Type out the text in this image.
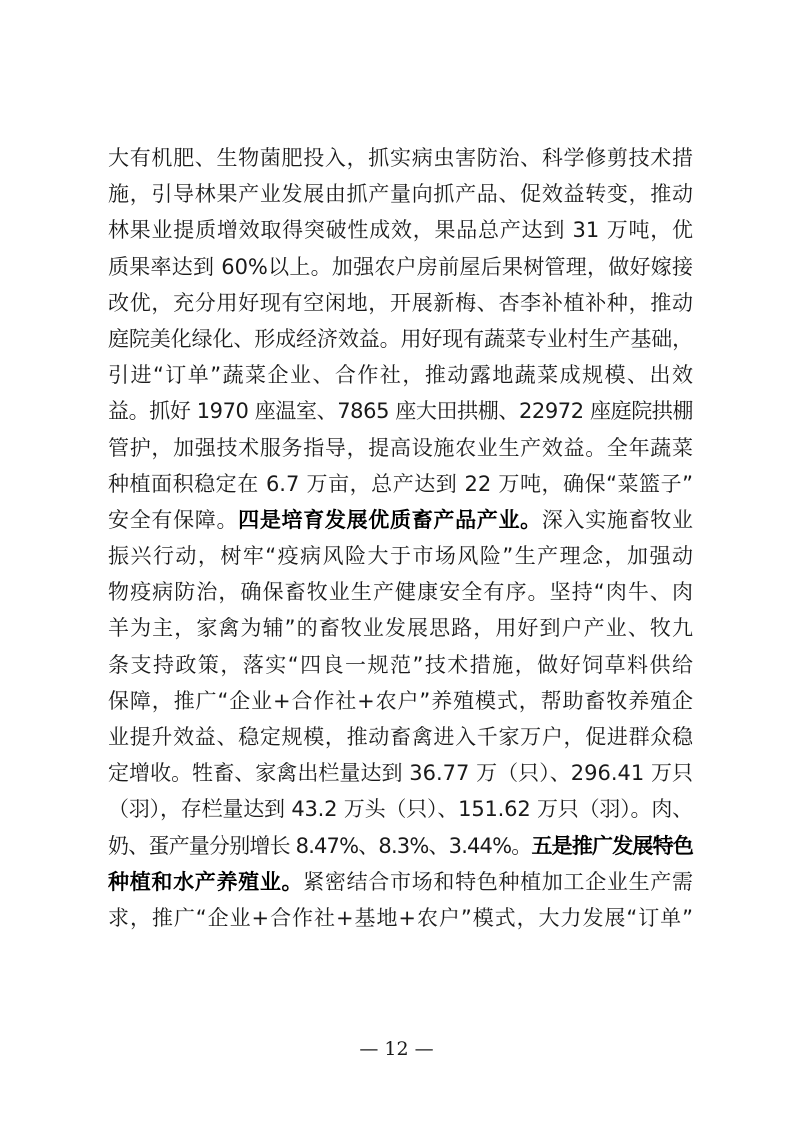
大有机肥、生物菌肥投入，抓实病虫害防治、科学修剪技术措
施，引导林果产业发展由抓产量向抓产品、促效益转变，推动
林果业提质增效取得突破性成效，果品总产达到 31 万吨，优
质果率达到 60%以上。加强农户房前屋后果树管理，做好嫁接
改优，充分用好现有空闲地，开展新梅、杏李补植补种，推动
庭院美化绿化、形成经济效益。用好现有蔬菜专业村生产基础，
引进“订单”蔬菜企业、合作社，推动露地蔬菜成规模、出效
益。抓好 1970 座温室、7865 座大田拱棚、22972 座庭院拱棚
管护，加强技术服务指导，提高设施农业生产效益。全年蔬菜
种植面积稳定在 6.7 万亩，总产达到 22 万吨，确保“菜篮子”
安全有保障。四是培育发展优质畜产品产业。深入实施畜牧业
振兴行动，树牢“疫病风险大于市场风险”生产理念，加强动
物疫病防治，确保畜牧业生产健康安全有序。坚持“肉牛、肉
羊为主，家禽为辅”的畜牧业发展思路，用好到户产业、牧九
条支持政策，落实“四良一规范”技术措施，做好饲草料供给
保障，推广“企业+合作社+农户”养殖模式，帮助畜牧养殖企
业提升效益、稳定规模，推动畜禽进入千家万户，促进群众稳
定增收。牲畜、家禽出栏量达到 36.77 万（只）、296.41 万只
（羽），存栏量达到 43.2 万头（只）、151.62 万只（羽）。肉、
奶、蛋产量分别增长 8.47%、8.3%、3.44%。五是推广发展特色
种植和水产养殖业。紧密结合市场和特色种植加工企业生产需
求，推广“企业+合作社+基地+农户”模式，大力发展“订单”
— 12 —
